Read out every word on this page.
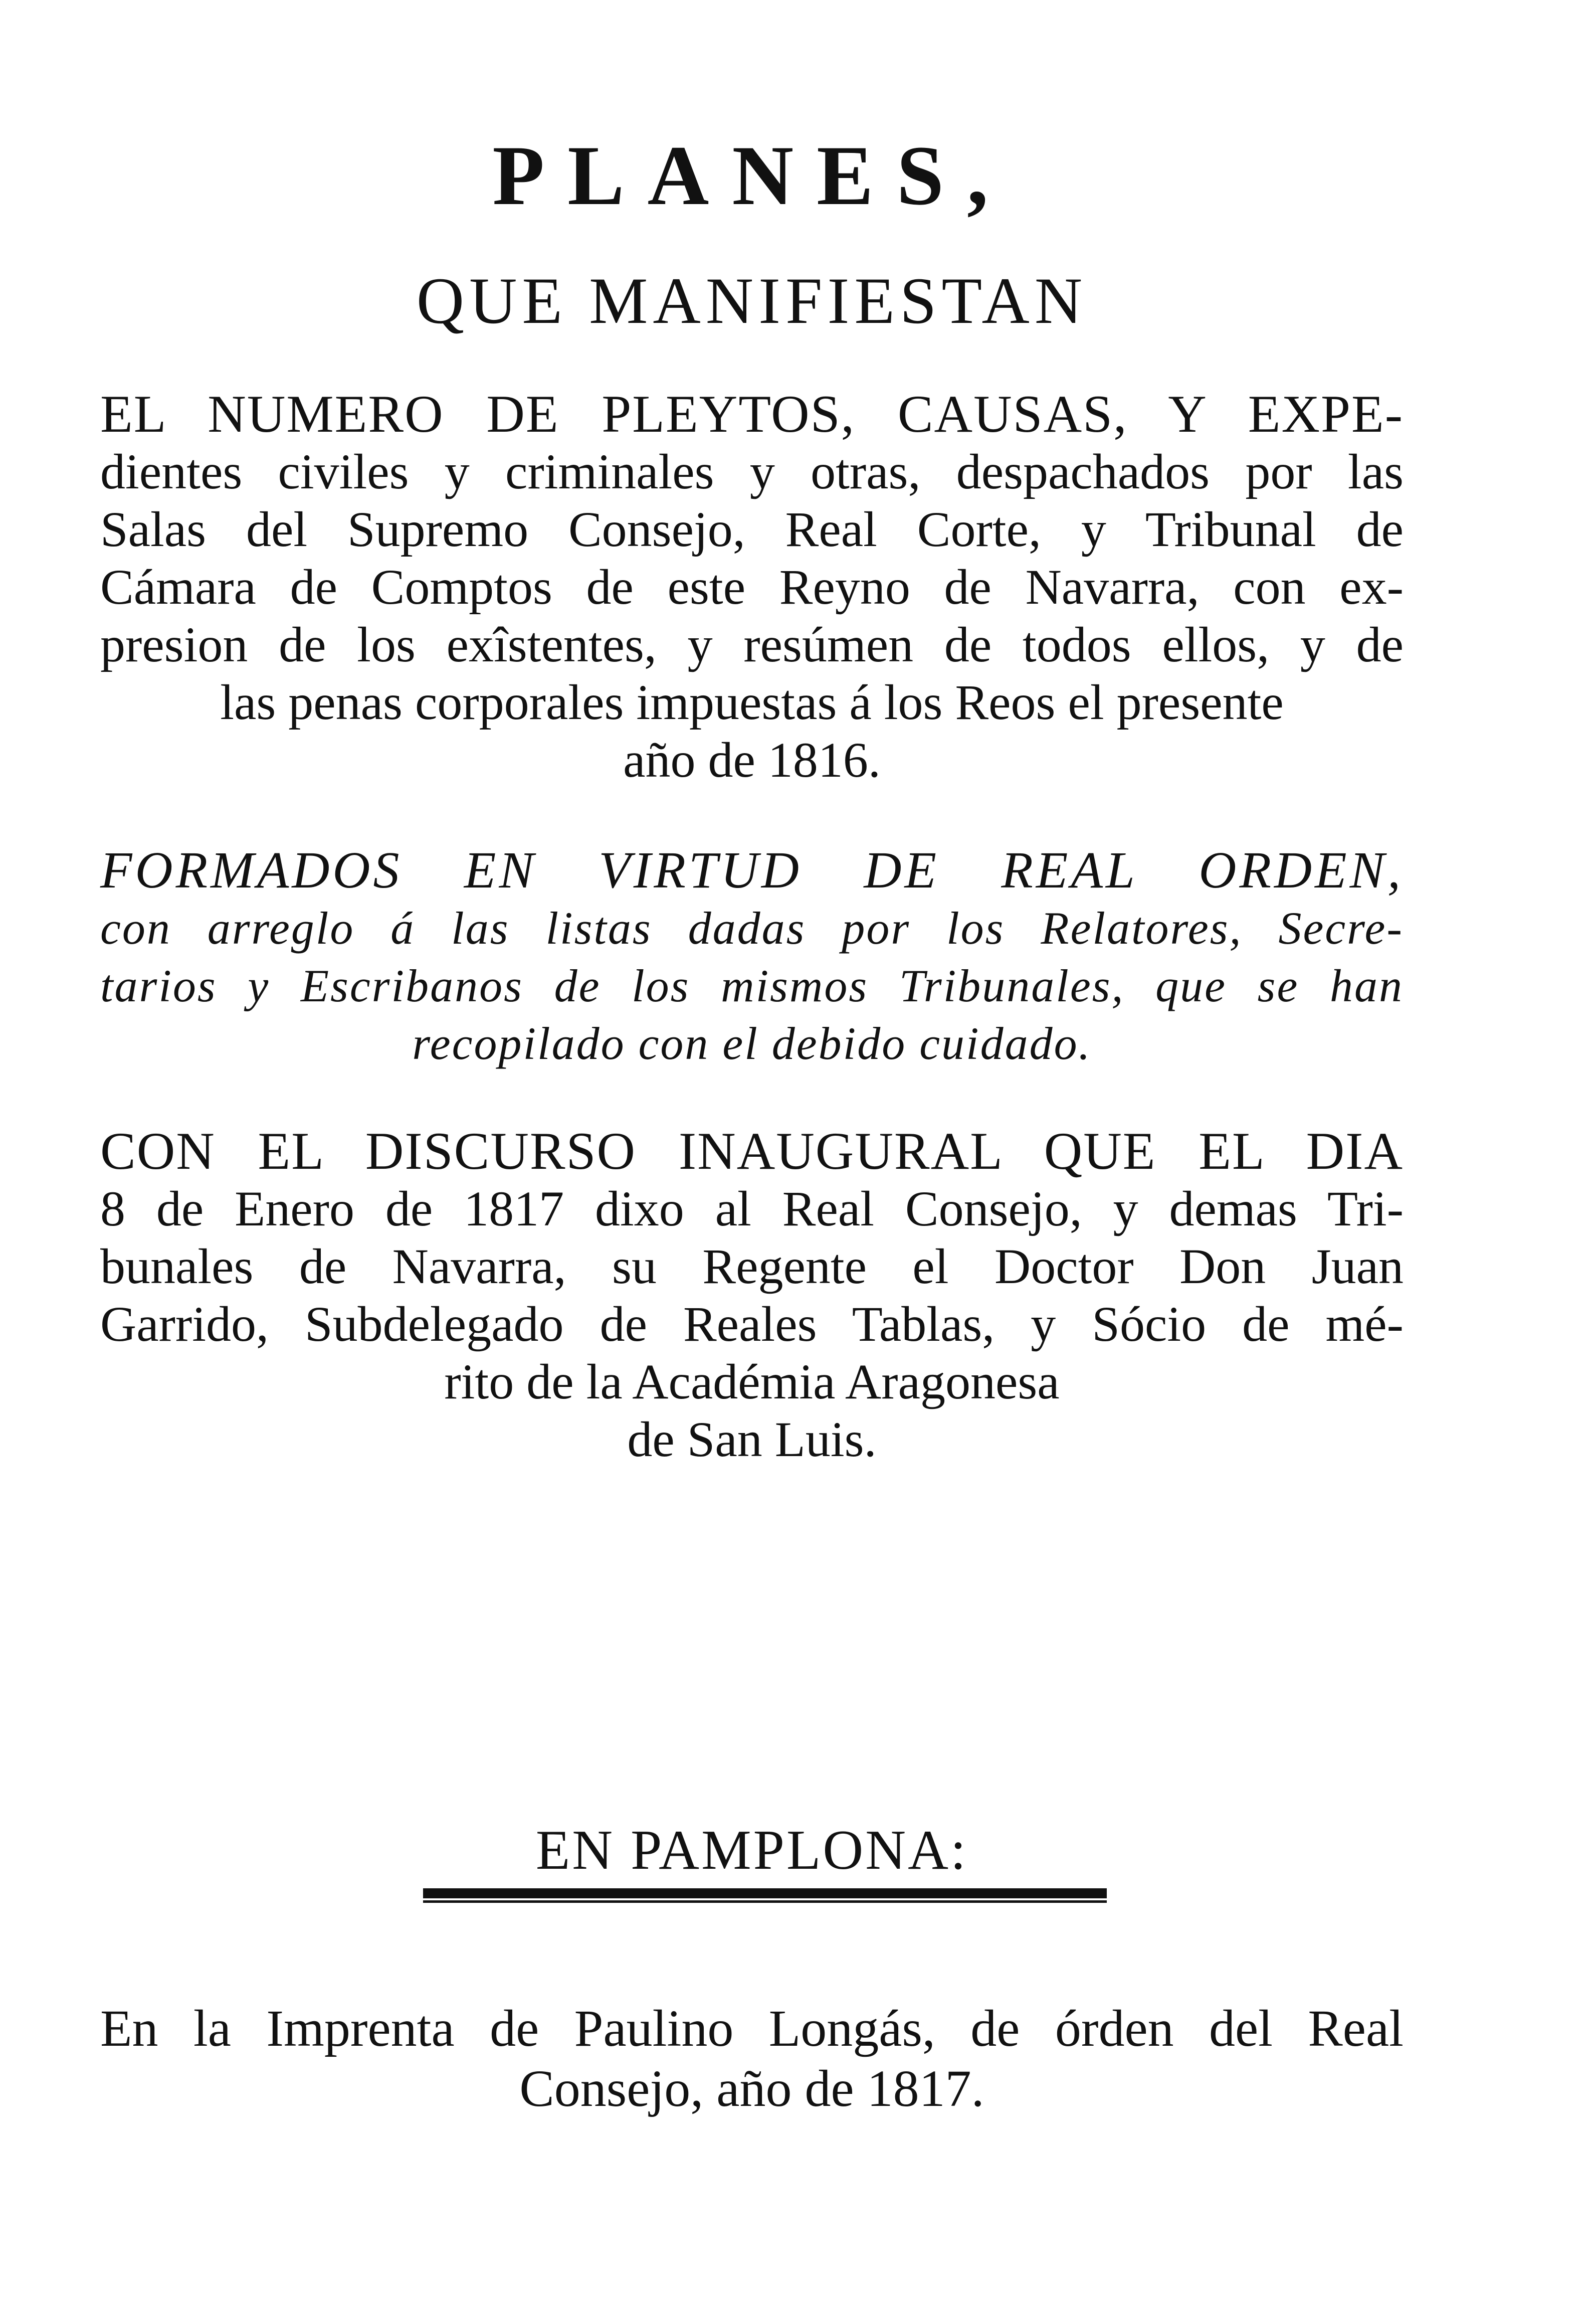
PLANES,
QUE MANIFIESTAN
EL NUMERO DE PLEYTOS, CAUSAS, Y EXPE-
dientes civiles y criminales y otras, despachados por las
Salas del Supremo Consejo, Real Corte, y Tribunal de
Cámara de Comptos de este Reyno de Navarra, con ex-
presion de los exîstentes, y resúmen de todos ellos, y de
las penas corporales impuestas á los Reos el presente
año de 1816.
FORMADOS EN VIRTUD DE REAL ORDEN,
con arreglo á las listas dadas por los Relatores, Secre-
tarios y Escribanos de los mismos Tribunales, que se han
recopilado con el debido cuidado.
CON EL DISCURSO INAUGURAL QUE EL DIA
8 de Enero de 1817 dixo al Real Consejo, y demas Tri-
bunales de Navarra, su Regente el Doctor Don Juan
Garrido, Subdelegado de Reales Tablas, y Sócio de mé-
rito de la Académia Aragonesa
de San Luis.
EN PAMPLONA:
En la Imprenta de Paulino Longás, de órden del Real
Consejo, año de 1817.
